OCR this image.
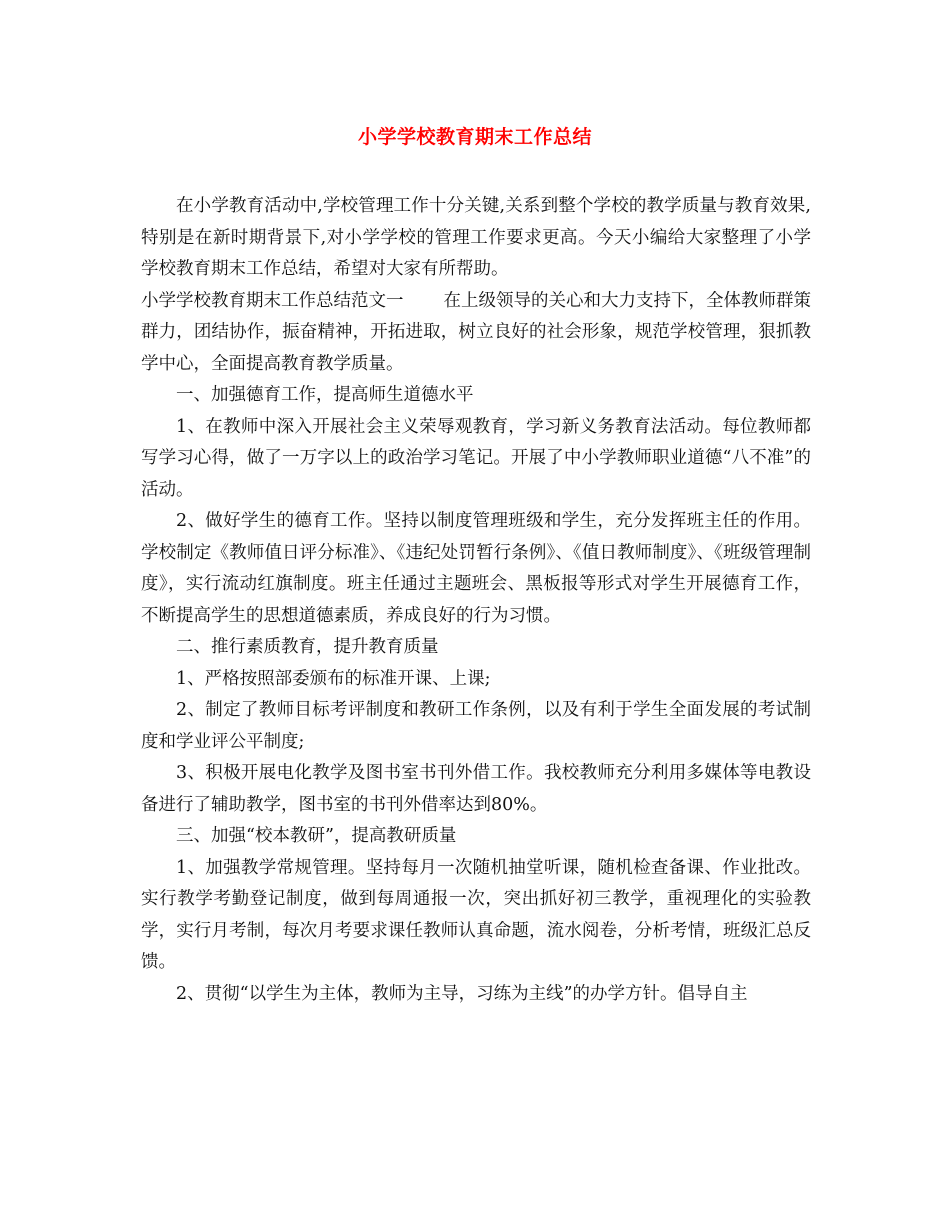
小学学校教育期末工作总结

在小学教育活动中,学校管理工作十分关键,关系到整个学校的教学质量与教育效果,特别是在新时期背景下,对小学学校的管理工作要求更高。今天小编给大家整理了小学学校教育期末工作总结，希望对大家有所帮助。

小学学校教育期末工作总结范文一 在上级领导的关心和大力支持下，全体教师群策群力，团结协作，振奋精神，开拓进取，树立良好的社会形象，规范学校管理，狠抓教学中心，全面提高教育教学质量。

一、加强德育工作，提高师生道德水平

1、在教师中深入开展社会主义荣辱观教育，学习新义务教育法活动。每位教师都写学习心得，做了一万字以上的政治学习笔记。开展了中小学教师职业道德“八不准”的活动。

2、做好学生的德育工作。坚持以制度管理班级和学生，充分发挥班主任的作用。学校制定《教师值日评分标准》、《违纪处罚暂行条例》、《值日教师制度》、《班级管理制度》，实行流动红旗制度。班主任通过主题班会、黑板报等形式对学生开展德育工作，不断提高学生的思想道德素质，养成良好的行为习惯。

二、推行素质教育，提升教育质量

1、严格按照部委颁布的标准开课、上课;

2、制定了教师目标考评制度和教研工作条例，以及有利于学生全面发展的考试制度和学业评公平制度;

3、积极开展电化教学及图书室书刊外借工作。我校教师充分利用多媒体等电教设备进行了辅助教学，图书室的书刊外借率达到80%。

三、加强“校本教研”，提高教研质量

1、加强教学常规管理。坚持每月一次随机抽堂听课，随机检查备课、作业批改。实行教学考勤登记制度，做到每周通报一次，突出抓好初三教学，重视理化的实验教学，实行月考制，每次月考要求课任教师认真命题，流水阅卷，分析考情，班级汇总反馈。

2、贯彻“以学生为主体，教师为主导，习练为主线”的办学方针。倡导自主
